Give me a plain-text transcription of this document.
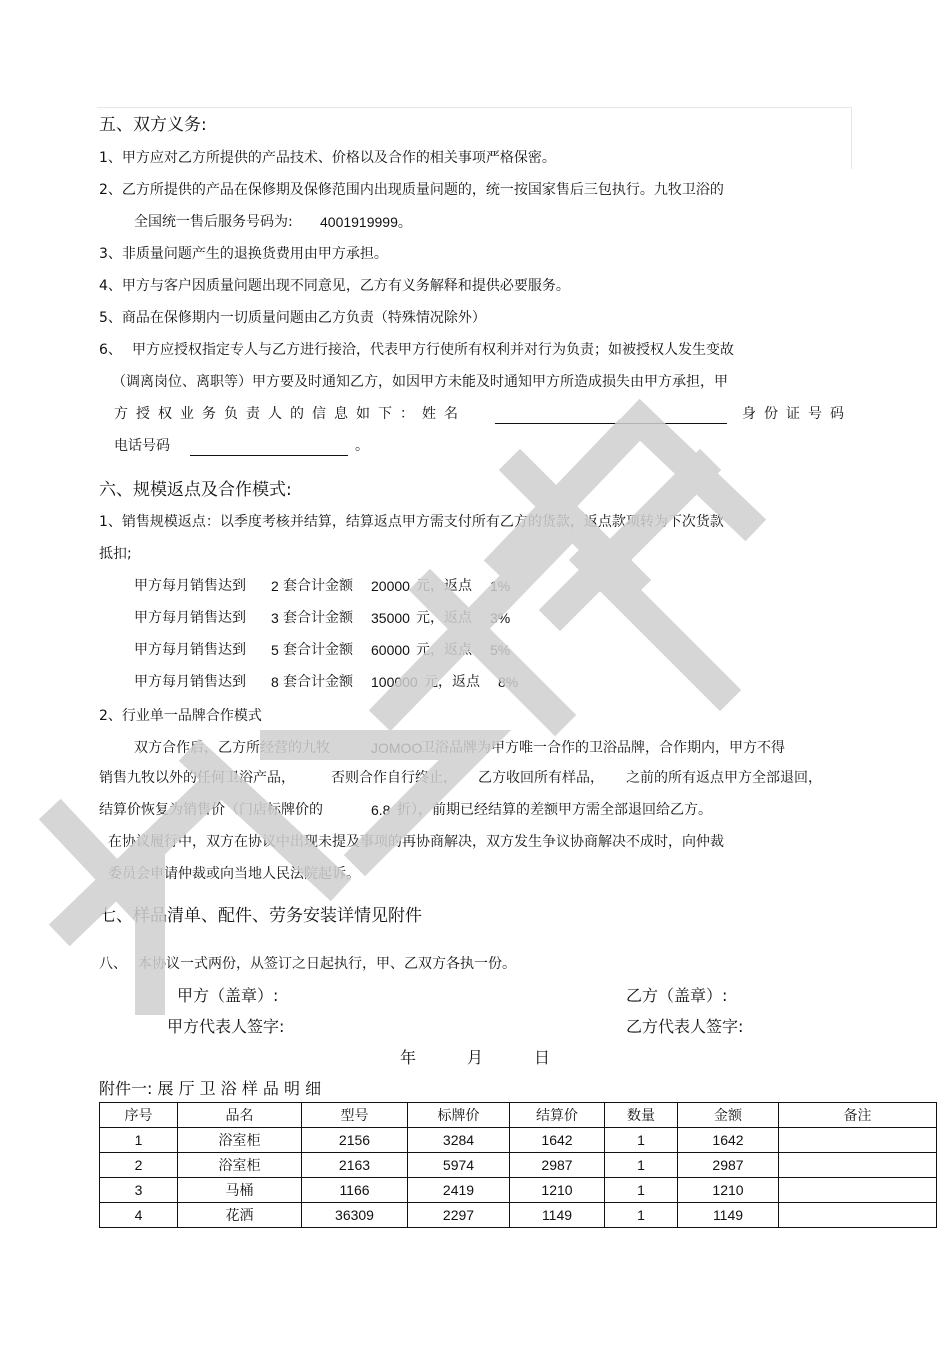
五、双方义务:
1、甲方应对乙方所提供的产品技术、价格以及合作的相关事项严格保密。
2、乙方所提供的产品在保修期及保修范围内出现质量问题的，统一按国家售后三包执行。九牧卫浴的
全国统一售后服务号码为: 4001919999。
3、非质量问题产生的退换货费用由甲方承担。
4、甲方与客户因质量问题出现不同意见，乙方有义务解释和提供必要服务。
5、商品在保修期内一切质量问题由乙方负责（特殊情况除外）
6、 甲方应授权指定专人与乙方进行接洽，代表甲方行使所有权利并对行为负责；如被授权人发生变故
（调离岗位、离职等）甲方要及时通知乙方，如因甲方未能及时通知甲方所造成损失由甲方承担，甲
方授权业务负责人的信息如下：姓名	身份证号码
电话号码	。
六、规模返点及合作模式:
1、销售规模返点：以季度考核并结算，结算返点甲方需支付所有乙方的货款，返点款项转为下次货款
抵扣;
甲方每月销售达到 2 套合计金额 20000 元，返点 1%
甲方每月销售达到 3 套合计金额 35000 元，返点 3%
甲方每月销售达到 5 套合计金额 60000 元，返点 5%
甲方每月销售达到 8 套合计金额 100000 元，返点 8%
2、行业单一品牌合作模式
双方合作后，乙方所经营的九牧	JOMOO
卫浴品牌为甲方唯一合作的卫浴品牌，合作期内，甲方不得
销售九牧以外的任何卫浴产品，	否则合作自行终止， 乙方收回所有样品， 之前的所有返点甲方全部退回，
结算价恢复为销售价（门店标牌价的	6.8 折），前期已经结算的差额甲方需全部退回给乙方。
在协议履行中，双方在协议中出现未提及事项的再协商解决，双方发生争议协商解决不成时，向仲裁
委员会申请仲裁或向当地人民法院起诉。
七、样品清单、配件、劳务安装详情见附件
八、 本协议一式两份，从签订之日起执行，甲、乙双方各执一份。
甲方（盖章）:	乙方（盖章）:
甲方代表人签字:	乙方代表人签字:
年	月	日
附件一: 展 厅 卫 浴 样 品 明 细
序号	品名	型号	标牌价	结算价	数量	金额	备注
1	浴室柜	2156	3284	1642	1	1642	
2	浴室柜	2163	5974	2987	1	2987	
3	马桶	1166	2419	1210	1	1210	
4	花洒	36309	2297	1149	1	1149	
